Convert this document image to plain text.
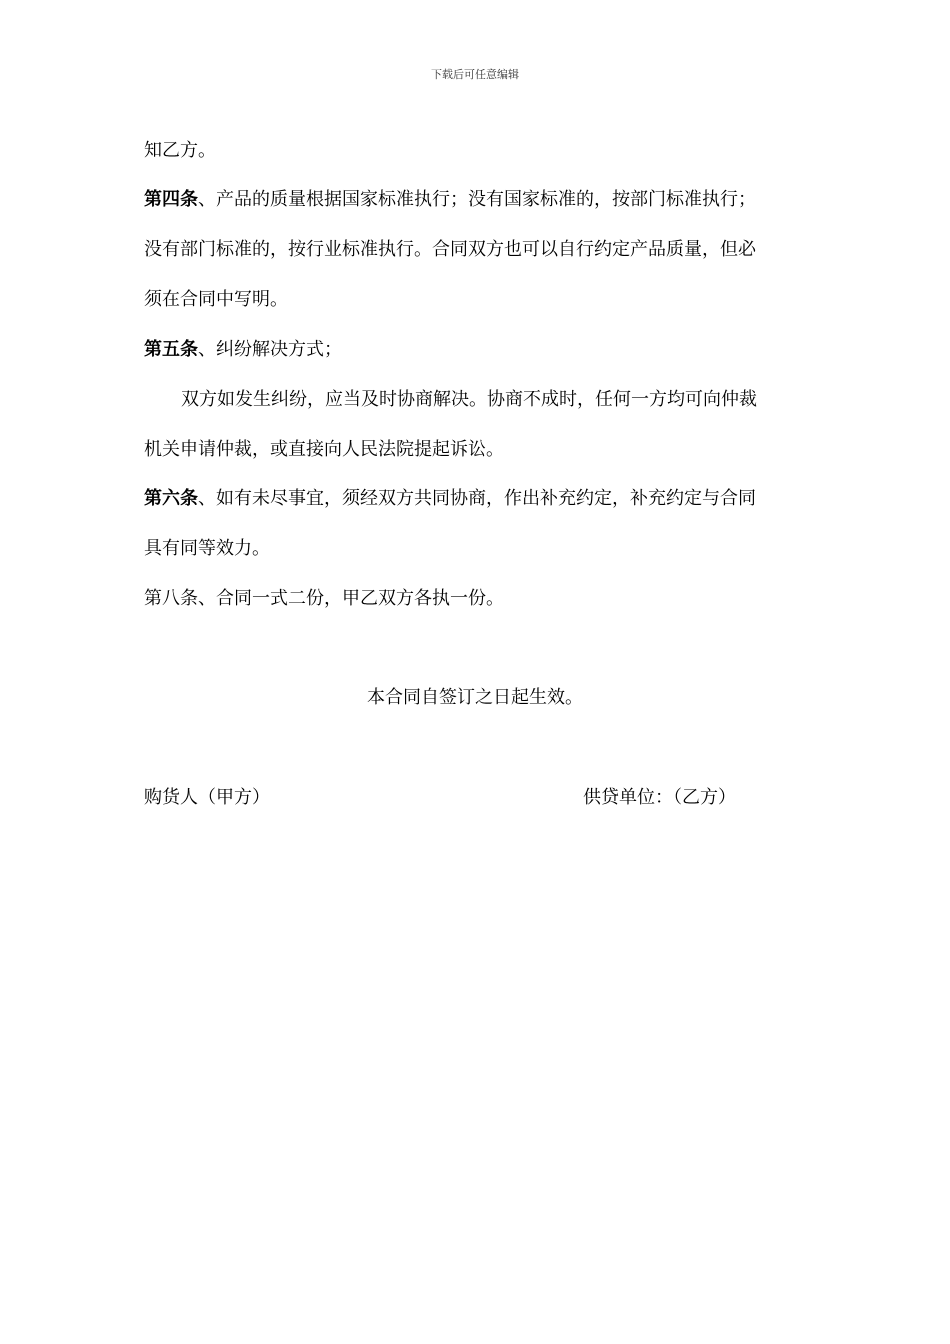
下载后可任意编辑
知乙方。
第四条、产品的质量根据国家标准执行；没有国家标准的，按部门标准执行；
没有部门标准的，按行业标准执行。合同双方也可以自行约定产品质量，但必
须在合同中写明。
第五条、纠纷解决方式；
双方如发生纠纷，应当及时协商解决。协商不成时，任何一方均可向仲裁
机关申请仲裁，或直接向人民法院提起诉讼。
第六条、如有未尽事宜，须经双方共同协商，作出补充约定，补充约定与合同
具有同等效力。
第八条、合同一式二份，甲乙双方各执一份。
本合同自签订之日起生效。
购货人（甲方）	供贷单位：（乙方）
